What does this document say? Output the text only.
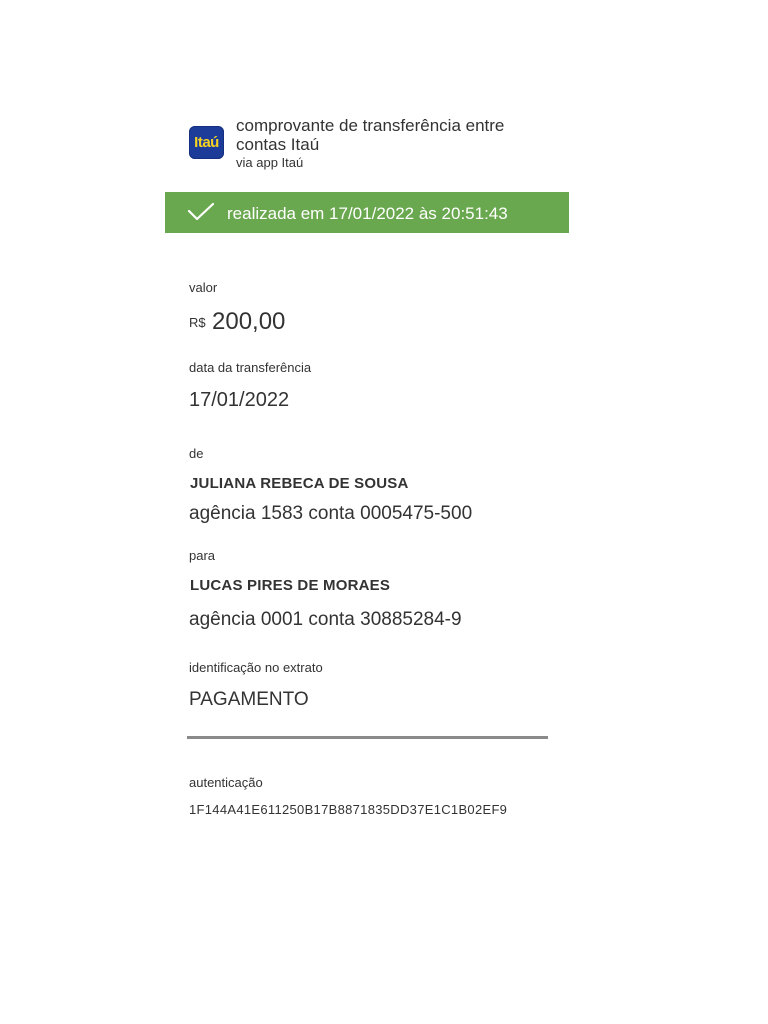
Itaú
comprovante de transferência entre contas Itaú
via app Itaú
realizada em 17/01/2022 às 20:51:43
valor
R$ 200,00
data da transferência
17/01/2022
de
JULIANA REBECA DE SOUSA
agência 1583 conta 0005475-500
para
LUCAS PIRES DE MORAES
agência 0001 conta 30885284-9
identificação no extrato
PAGAMENTO
autenticação
1F144A41E611250B17B8871835DD37E1C1B02EF9
